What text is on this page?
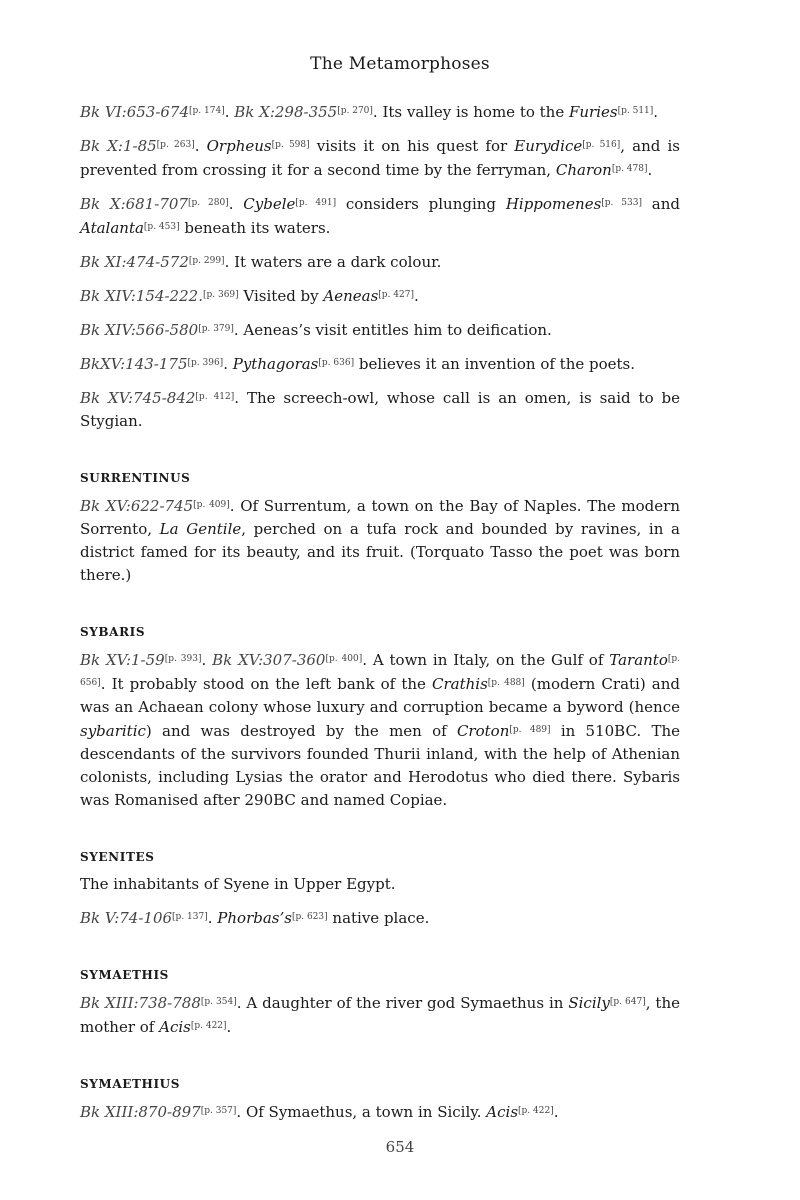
The Metamorphoses

Bk VI:653-674[p. 174]. Bk X:298-355[p. 270]. Its valley is home to the Furies[p. 511].

Bk X:1-85[p. 263]. Orpheus[p. 598] visits it on his quest for Eurydice[p. 516], and is prevented from crossing it for a second time by the ferryman, Charon[p. 478].

Bk X:681-707[p. 280]. Cybele[p. 491] considers plunging Hippomenes[p. 533] and Atalanta[p. 453] beneath its waters.

Bk XI:474-572[p. 299]. It waters are a dark colour.

Bk XIV:154-222.[p. 369] Visited by Aeneas[p. 427].

Bk XIV:566-580[p. 379]. Aeneas’s visit entitles him to deification.

BkXV:143-175[p. 396]. Pythagoras[p. 636] believes it an invention of the poets.

Bk XV:745-842[p. 412]. The screech-owl, whose call is an omen, is said to be Stygian.

SURRENTINUS

Bk XV:622-745[p. 409]. Of Surrentum, a town on the Bay of Naples. The modern Sorrento, La Gentile, perched on a tufa rock and bounded by ravines, in a district famed for its beauty, and its fruit. (Torquato Tasso the poet was born there.)

SYBARIS

Bk XV:1-59[p. 393]. Bk XV:307-360[p. 400]. A town in Italy, on the Gulf of Taranto[p. 656]. It probably stood on the left bank of the Crathis[p. 488] (modern Crati) and was an Achaean colony whose luxury and corruption became a byword (hence sybaritic) and was destroyed by the men of Croton[p. 489] in 510BC. The descendants of the survivors founded Thurii inland, with the help of Athenian colonists, including Lysias the orator and Herodotus who died there. Sybaris was Romanised after 290BC and named Copiae.

SYENITES

The inhabitants of Syene in Upper Egypt.

Bk V:74-106[p. 137]. Phorbas’s[p. 623] native place.

SYMAETHIS

Bk XIII:738-788[p. 354]. A daughter of the river god Symaethus in Sicily[p. 647], the mother of Acis[p. 422].

SYMAETHIUS

Bk XIII:870-897[p. 357]. Of Symaethus, a town in Sicily. Acis[p. 422].

654
